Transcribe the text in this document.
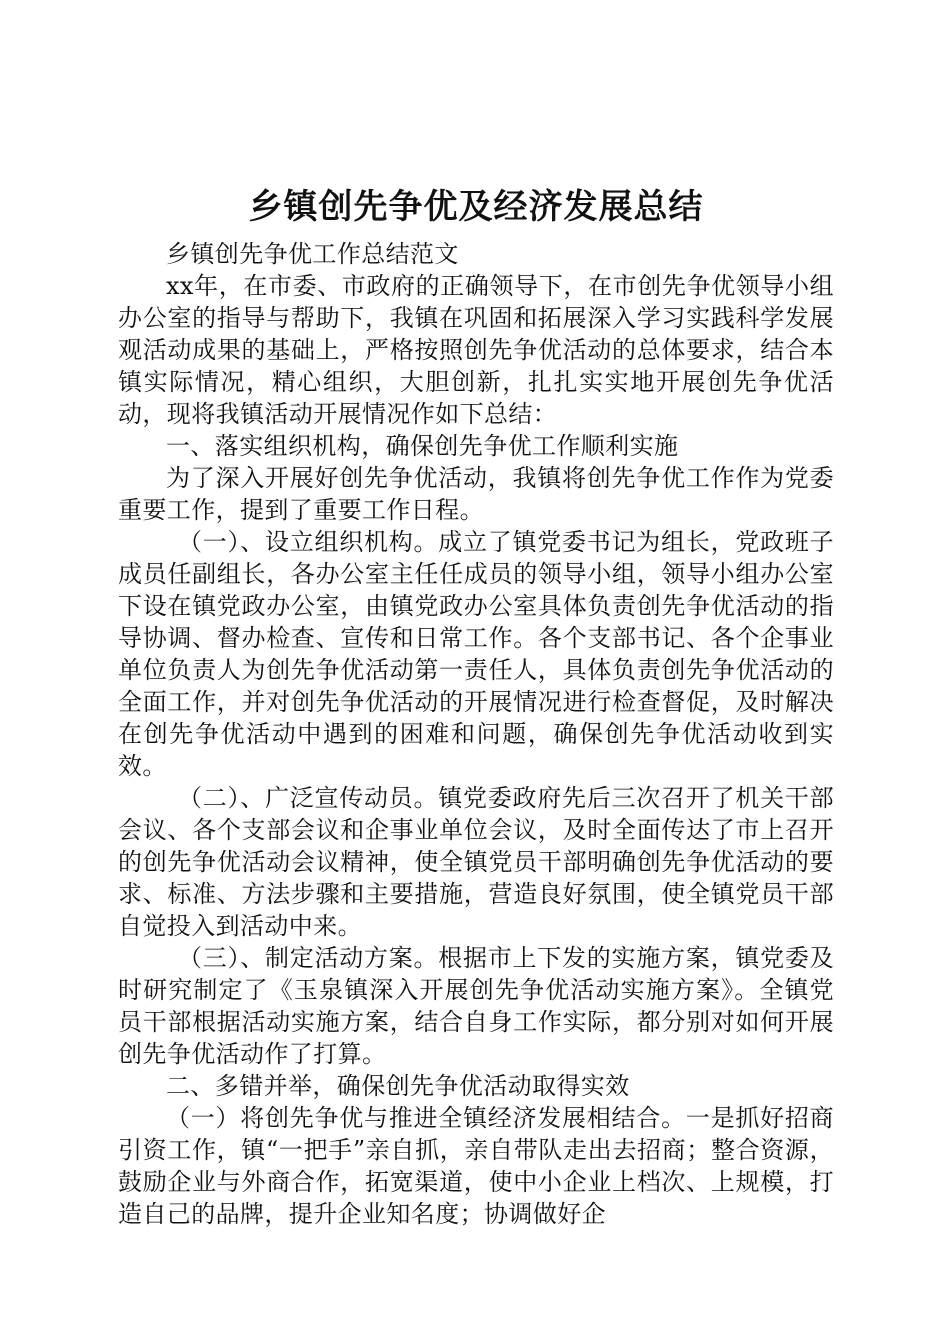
乡镇创先争优及经济发展总结

乡镇创先争优工作总结范文

xx年，在市委、市政府的正确领导下，在市创先争优领导小组办公室的指导与帮助下，我镇在巩固和拓展深入学习实践科学发展观活动成果的基础上，严格按照创先争优活动的总体要求，结合本镇实际情况，精心组织，大胆创新，扎扎实实地开展创先争优活动，现将我镇活动开展情况作如下总结：

一、落实组织机构，确保创先争优工作顺利实施

为了深入开展好创先争优活动，我镇将创先争优工作作为党委重要工作，提到了重要工作日程。

（一）、设立组织机构。成立了镇党委书记为组长，党政班子成员任副组长，各办公室主任任成员的领导小组，领导小组办公室下设在镇党政办公室，由镇党政办公室具体负责创先争优活动的指导协调、督办检查、宣传和日常工作。各个支部书记、各个企事业单位负责人为创先争优活动第一责任人，具体负责创先争优活动的全面工作，并对创先争优活动的开展情况进行检查督促，及时解决在创先争优活动中遇到的困难和问题，确保创先争优活动收到实效。

（二）、广泛宣传动员。镇党委政府先后三次召开了机关干部会议、各个支部会议和企事业单位会议，及时全面传达了市上召开的创先争优活动会议精神，使全镇党员干部明确创先争优活动的要求、标准、方法步骤和主要措施，营造良好氛围，使全镇党员干部自觉投入到活动中来。

（三）、制定活动方案。根据市上下发的实施方案，镇党委及时研究制定了《玉泉镇深入开展创先争优活动实施方案》。全镇党员干部根据活动实施方案，结合自身工作实际，都分别对如何开展创先争优活动作了打算。

二、多错并举，确保创先争优活动取得实效

（一）将创先争优与推进全镇经济发展相结合。一是抓好招商引资工作，镇“一把手”亲自抓，亲自带队走出去招商；整合资源，鼓励企业与外商合作，拓宽渠道，使中小企业上档次、上规模，打造自己的品牌，提升企业知名度；协调做好企
